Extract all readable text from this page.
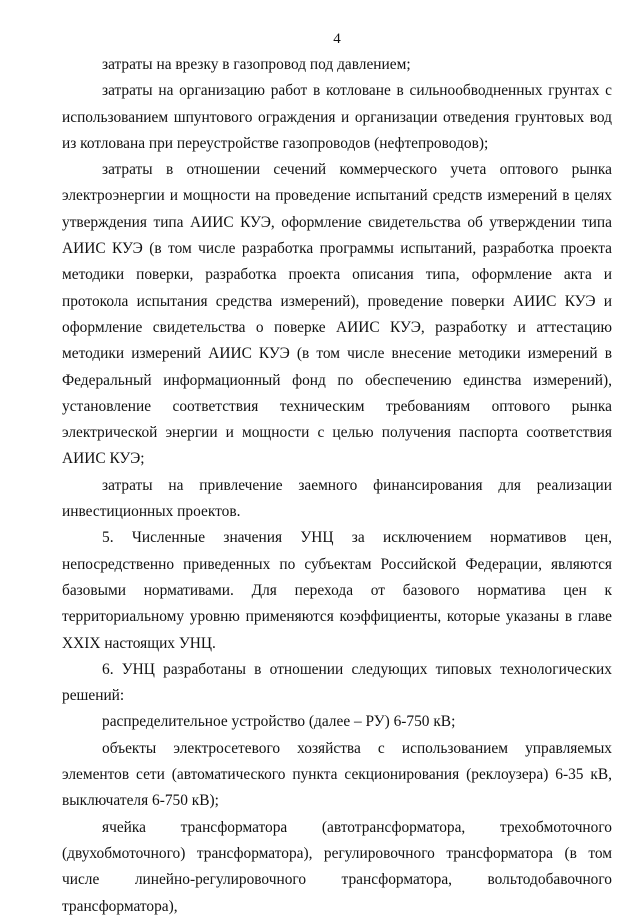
4

затраты на врезку в газопровод под давлением;

затраты на организацию работ в котловане в сильнообводненных грунтах с использованием шпунтового ограждения и организации отведения грунтовых вод из котлована при переустройстве газопроводов (нефтепроводов);

затраты в отношении сечений коммерческого учета оптового рынка электроэнергии и мощности на проведение испытаний средств измерений в целях утверждения типа АИИС КУЭ, оформление свидетельства об утверждении типа АИИС КУЭ (в том числе разработка программы испытаний, разработка проекта методики поверки, разработка проекта описания типа, оформление акта и протокола испытания средства измерений), проведение поверки АИИС КУЭ и оформление свидетельства о поверке АИИС КУЭ, разработку и аттестацию методики измерений АИИС КУЭ (в том числе внесение методики измерений в Федеральный информационный фонд по обеспечению единства измерений), установление соответствия техническим требованиям оптового рынка электрической энергии и мощности с целью получения паспорта соответствия АИИС КУЭ;

затраты на привлечение заемного финансирования для реализации инвестиционных проектов.

5. Численные значения УНЦ за исключением нормативов цен, непосредственно приведенных по субъектам Российской Федерации, являются базовыми нормативами. Для перехода от базового норматива цен к территориальному уровню применяются коэффициенты, которые указаны в главе XXIX настоящих УНЦ.

6. УНЦ разработаны в отношении следующих типовых технологических решений:

распределительное устройство (далее – РУ) 6-750 кВ;

объекты электросетевого хозяйства с использованием управляемых элементов сети (автоматического пункта секционирования (реклоузера) 6-35 кВ, выключателя 6-750 кВ);

ячейка трансформатора (автотрансформатора, трехобмоточного (двухобмоточного) трансформатора), регулировочного трансформатора (в том числе линейно-регулировочного трансформатора, вольтодобавочного трансформатора),
